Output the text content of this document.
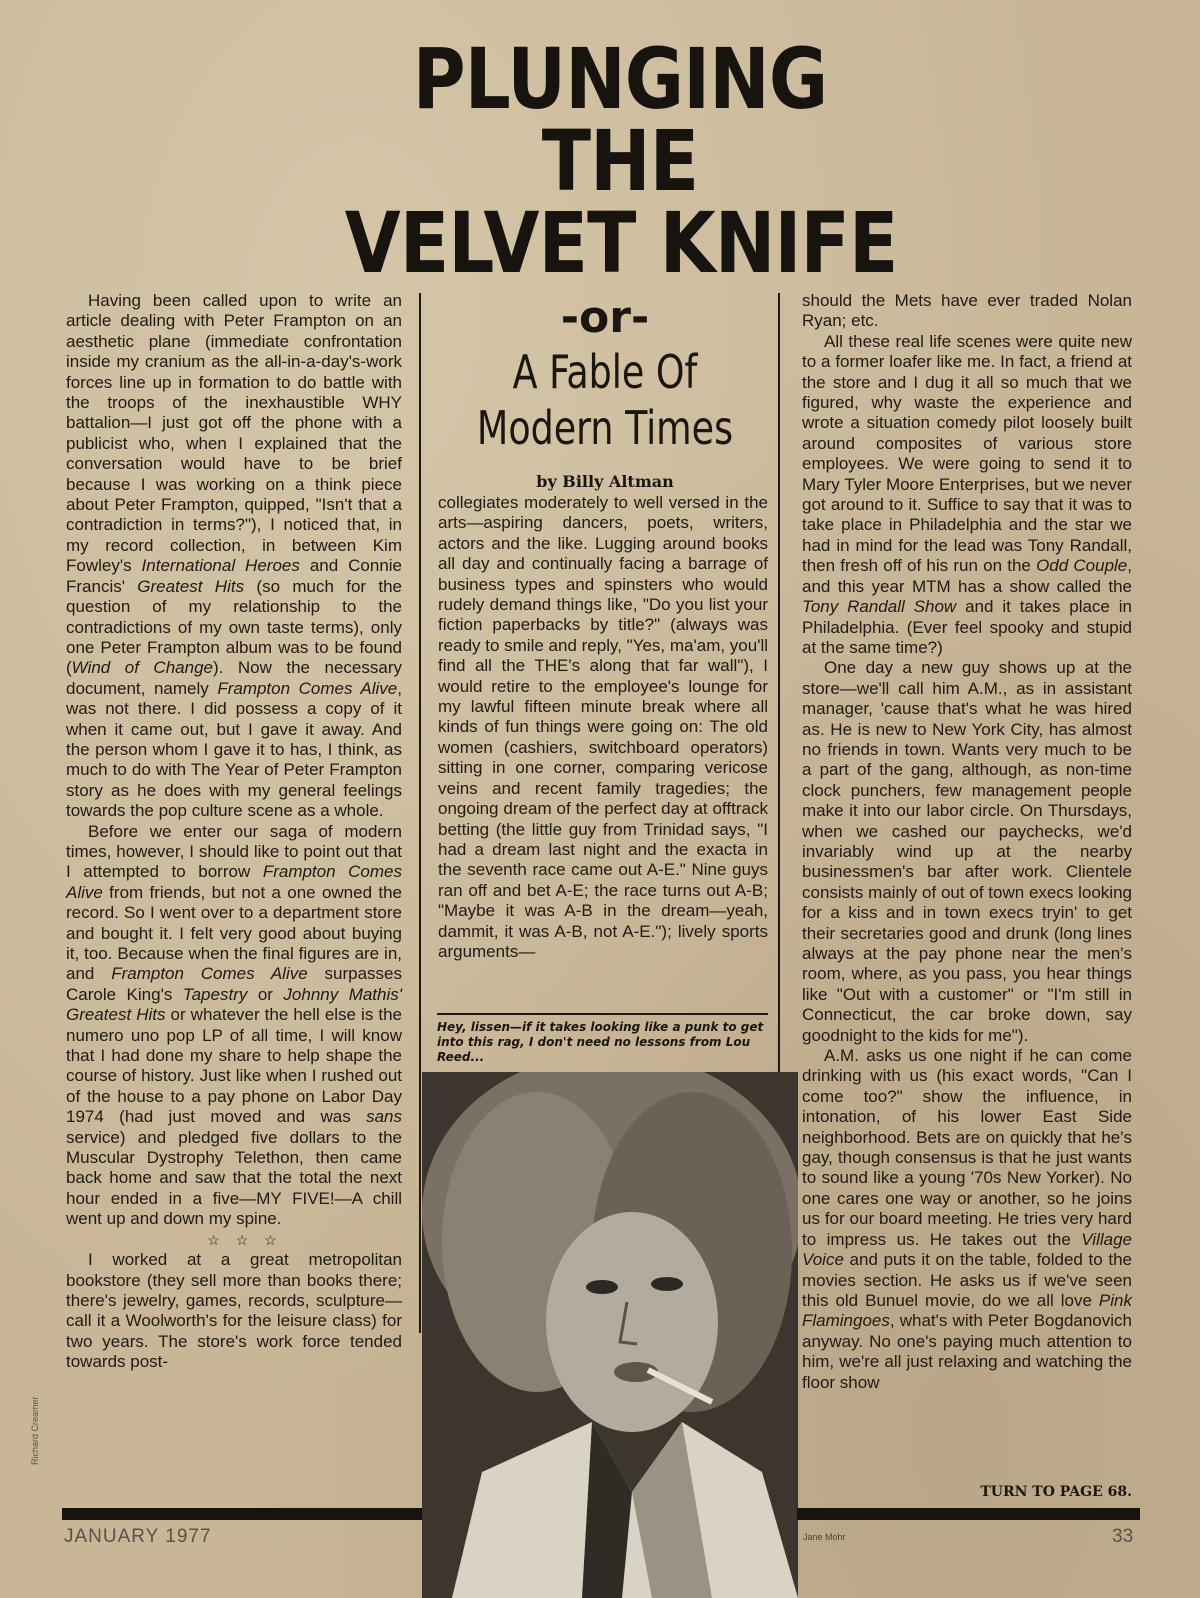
PLUNGING
THE
VELVET KNIFE

Having been called upon to write an article dealing with Peter Frampton on an aesthetic plane (immediate confrontation inside my cranium as the all-in-a-day's-work forces line up in formation to do battle with the troops of the inexhaustible WHY battalion—I just got off the phone with a publicist who, when I explained that the conversation would have to be brief because I was working on a think piece about Peter Frampton, quipped, "Isn't that a contradiction in terms?"), I noticed that, in my record collection, in between Kim Fowley's International Heroes and Connie Francis' Greatest Hits (so much for the question of my relationship to the contradictions of my own taste terms), only one Peter Frampton album was to be found (Wind of Change). Now the necessary document, namely Frampton Comes Alive, was not there. I did possess a copy of it when it came out, but I gave it away. And the person whom I gave it to has, I think, as much to do with The Year of Peter Frampton story as he does with my general feelings towards the pop culture scene as a whole.

Before we enter our saga of modern times, however, I should like to point out that I attempted to borrow Frampton Comes Alive from friends, but not a one owned the record. So I went over to a department store and bought it. I felt very good about buying it, too. Because when the final figures are in, and Frampton Comes Alive surpasses Carole King's Tapestry or Johnny Mathis' Greatest Hits or whatever the hell else is the numero uno pop LP of all time, I will know that I had done my share to help shape the course of history. Just like when I rushed out of the house to a pay phone on Labor Day 1974 (had just moved and was sans service) and pledged five dollars to the Muscular Dystrophy Telethon, then came back home and saw that the total the next hour ended in a five—MY FIVE!—A chill went up and down my spine.

☆ ☆ ☆

I worked at a great metropolitan bookstore (they sell more than books there; there's jewelry, games, records, sculpture—call it a Woolworth's for the leisure class) for two years. The store's work force tended towards post-

-or-
A Fable Of
Modern Times
by Billy Altman

collegiates moderately to well versed in the arts—aspiring dancers, poets, writers, actors and the like. Lugging around books all day and continually facing a barrage of business types and spinsters who would rudely demand things like, "Do you list your fiction paperbacks by title?" (always was ready to smile and reply, "Yes, ma'am, you'll find all the THE's along that far wall"), I would retire to the employee's lounge for my lawful fifteen minute break where all kinds of fun things were going on: The old women (cashiers, switchboard operators) sitting in one corner, comparing vericose veins and recent family tragedies; the ongoing dream of the perfect day at offtrack betting (the little guy from Trinidad says, "I had a dream last night and the exacta in the seventh race came out A-E." Nine guys ran off and bet A-E; the race turns out A-B; "Maybe it was A-B in the dream—yeah, dammit, it was A-B, not A-E."); lively sports arguments—

Hey, lissen—if it takes looking like a punk to get into this rag, I don't need no lessons from Lou Reed...

should the Mets have ever traded Nolan Ryan; etc.

All these real life scenes were quite new to a former loafer like me. In fact, a friend at the store and I dug it all so much that we figured, why waste the experience and wrote a situation comedy pilot loosely built around composites of various store employees. We were going to send it to Mary Tyler Moore Enterprises, but we never got around to it. Suffice to say that it was to take place in Philadelphia and the star we had in mind for the lead was Tony Randall, then fresh off of his run on the Odd Couple, and this year MTM has a show called the Tony Randall Show and it takes place in Philadelphia. (Ever feel spooky and stupid at the same time?)

One day a new guy shows up at the store—we'll call him A.M., as in assistant manager, 'cause that's what he was hired as. He is new to New York City, has almost no friends in town. Wants very much to be a part of the gang, although, as non-time clock punchers, few management people make it into our labor circle. On Thursdays, when we cashed our paychecks, we'd invariably wind up at the nearby businessmen's bar after work. Clientele consists mainly of out of town execs looking for a kiss and in town execs tryin' to get their secretaries good and drunk (long lines always at the pay phone near the men's room, where, as you pass, you hear things like "Out with a customer" or "I'm still in Connecticut, the car broke down, say goodnight to the kids for me").

A.M. asks us one night if he can come drinking with us (his exact words, "Can I come too?" show the influence, in intonation, of his lower East Side neighborhood. Bets are on quickly that he's gay, though consensus is that he just wants to sound like a young '70s New Yorker). No one cares one way or another, so he joins us for our board meeting. He tries very hard to impress us. He takes out the Village Voice and puts it on the table, folded to the movies section. He asks us if we've seen this old Bunuel movie, do we all love Pink Flamingoes, what's with Peter Bogdanovich anyway. No one's paying much attention to him, we're all just relaxing and watching the floor show

TURN TO PAGE 68.
JANUARY 1977	33
Jane Mohr
Richard Creamer
